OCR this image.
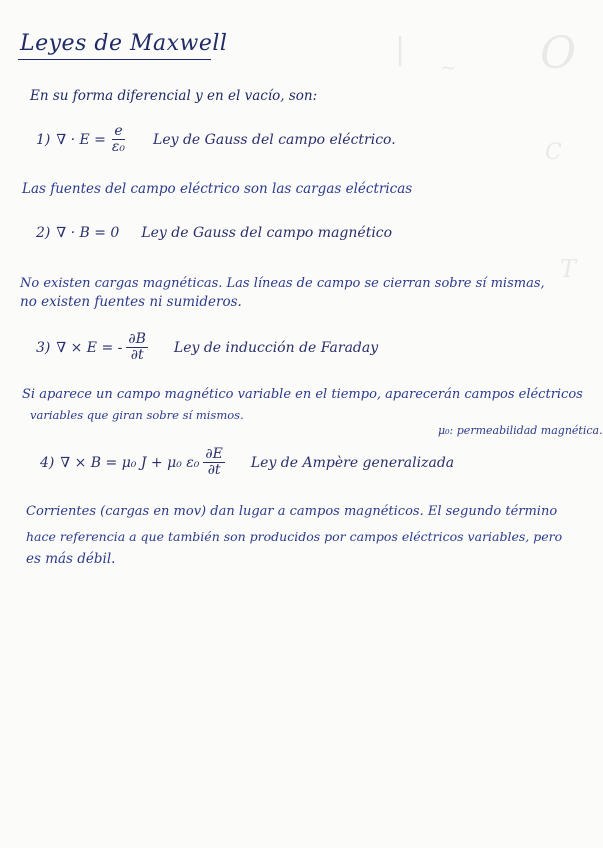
| ~ O
C
T
Leyes de Maxwell
En su forma diferencial y en el vacío, son:
1) ∇ · $E = \frac{e}{\text{ε₀}}$ Ley de Gauss del campo eléctrico.
Las fuentes del campo eléctrico son las cargas eléctricas
2) ∇ · B = 0 Ley de Gauss del campo magnético
No existen cargas magnéticas. Las líneas de campo se cierran sobre sí mismas,
no existen fuentes ni sumideros.
3) ∇ × E = - $\frac{\partial B}{\partial t}$ Ley de inducción de Faraday
Si aparece un campo magnético variable en el tiempo, aparecerán campos eléctricos
variables que giran sobre sí mismos.
μ₀: permeabilidad magnética.
4) ∇ × B = μ₀ J + μ₀ $\varepsilon_0 \frac{\partial E}{\partial t}$ Ley de Ampère generalizada
Corrientes (cargas en mov) dan lugar a campos magnéticos. El segundo término
hace referencia a que también son producidos por campos eléctricos variables, pero
es más débil.
